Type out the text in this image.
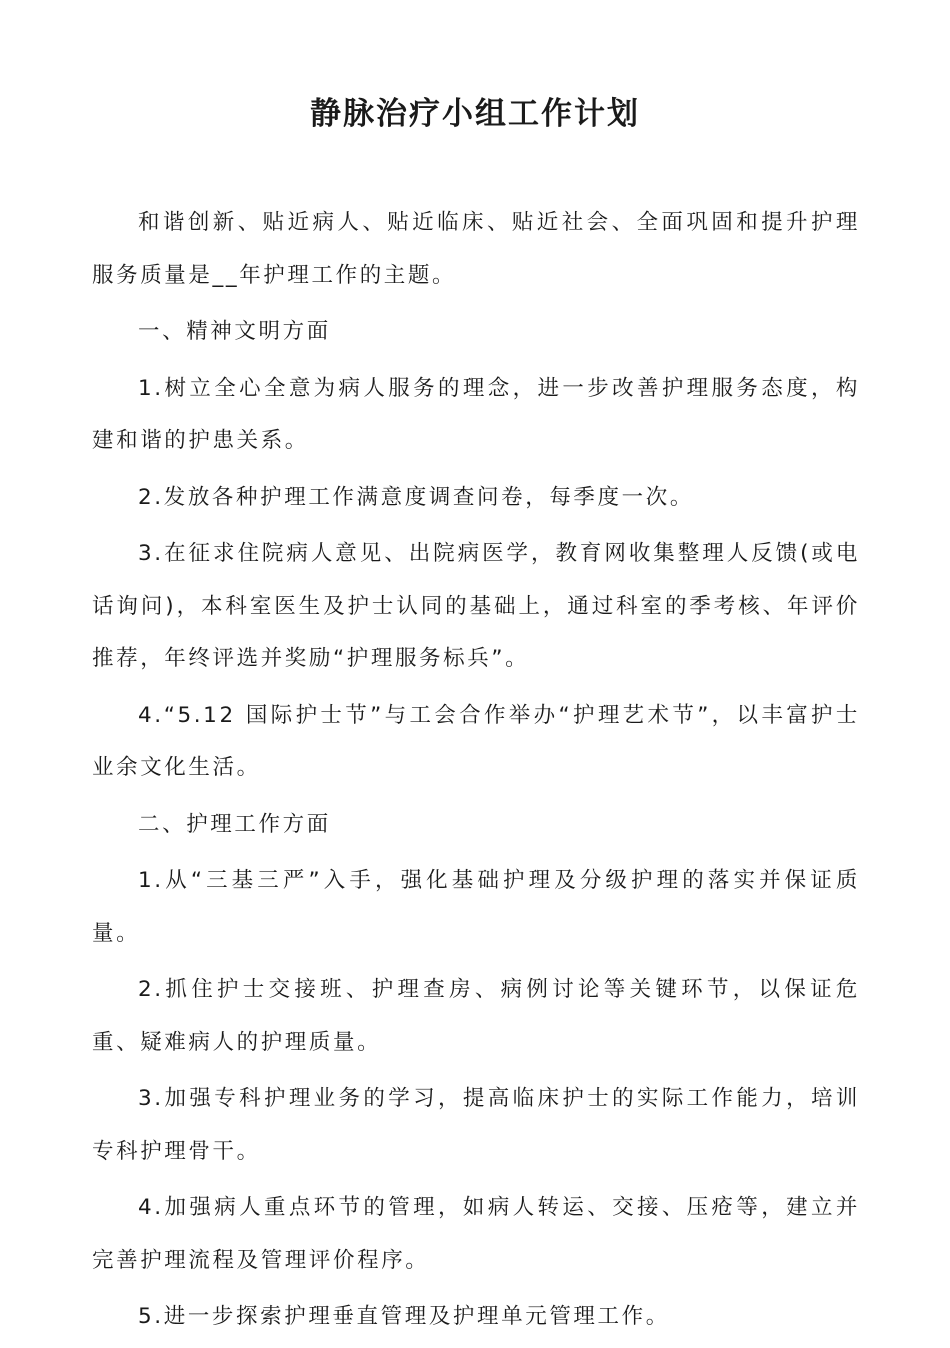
静脉治疗小组工作计划

和谐创新、贴近病人、贴近临床、贴近社会、全面巩固和提升护理服务质量是__年护理工作的主题。

一、精神文明方面

1.树立全心全意为病人服务的理念，进一步改善护理服务态度，构建和谐的护患关系。

2.发放各种护理工作满意度调查问卷，每季度一次。

3.在征求住院病人意见、出院病医学，教育网收集整理人反馈(或电话询问)，本科室医生及护士认同的基础上，通过科室的季考核、年评价推荐，年终评选并奖励“护理服务标兵”。

4.“5.12 国际护士节”与工会合作举办“护理艺术节”，以丰富护士业余文化生活。

二、护理工作方面

1.从“三基三严”入手，强化基础护理及分级护理的落实并保证质量。

2.抓住护士交接班、护理查房、病例讨论等关键环节，以保证危重、疑难病人的护理质量。

3.加强专科护理业务的学习，提高临床护士的实际工作能力，培训专科护理骨干。

4.加强病人重点环节的管理，如病人转运、交接、压疮等，建立并完善护理流程及管理评价程序。

5.进一步探索护理垂直管理及护理单元管理工作。
